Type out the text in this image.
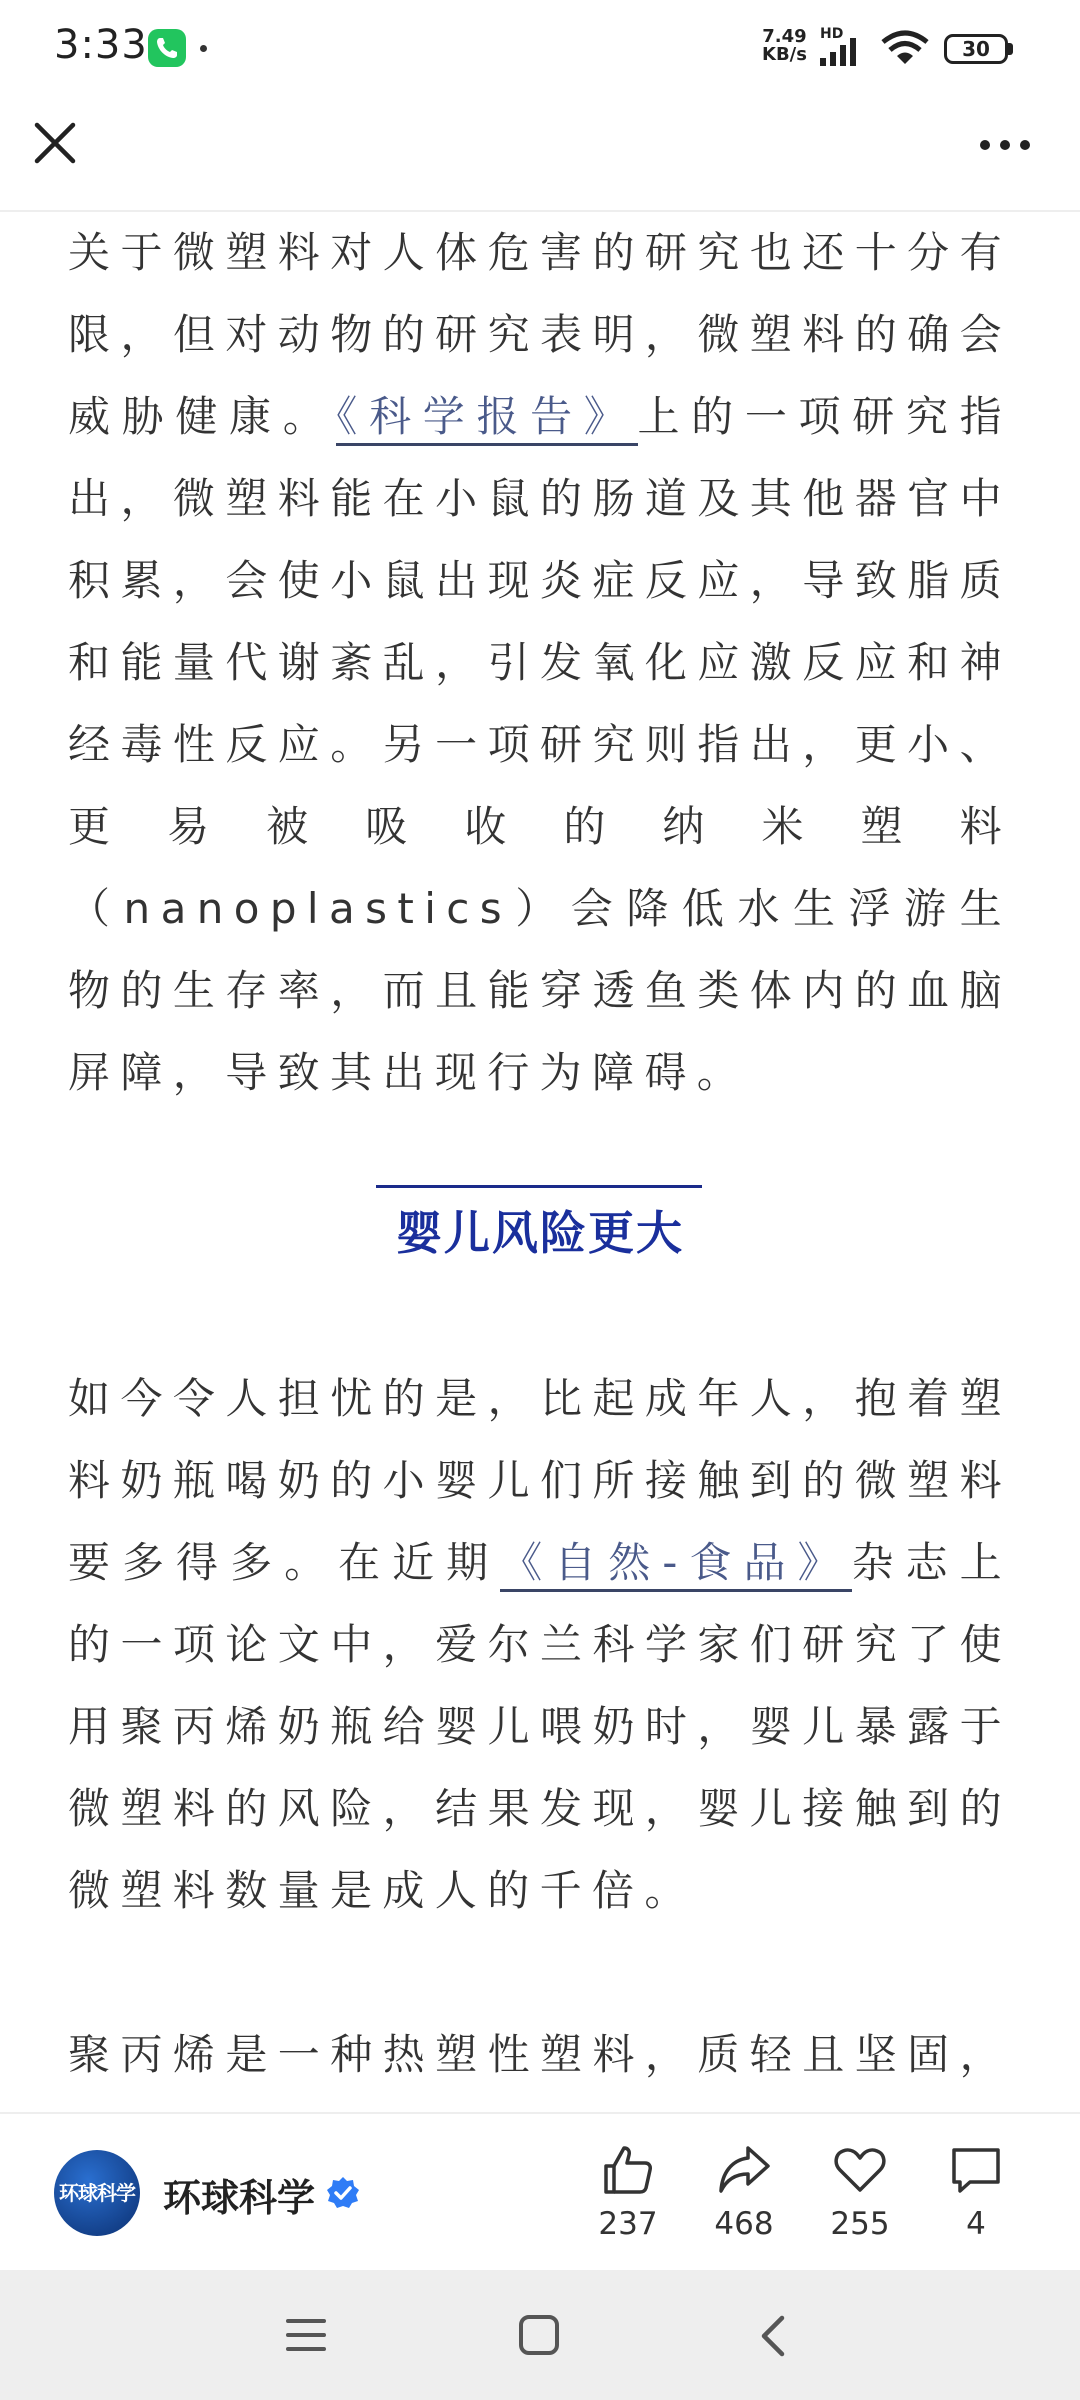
3:33	7.49
KB/s
HD
30

关于微塑料对人体危害的研究也还十分有限，但对动物的研究表明，微塑料的确会威胁健康。《科学报告》上的一项研究指出，微塑料能在小鼠的肠道及其他器官中积累，会使小鼠出现炎症反应，导致脂质和能量代谢紊乱，引发氧化应激反应和神经毒性反应。另一项研究则指出，更小、更易被吸收的纳米塑料（nanoplastics）会降低水生浮游生物的生存率，而且能穿透鱼类体内的血脑屏障，导致其出现行为障碍。

婴儿风险更大

如今令人担忧的是，比起成年人，抱着塑料奶瓶喝奶的小婴儿们所接触到的微塑料要多得多。在近期《自然-食品》杂志上的一项论文中，爱尔兰科学家们研究了使用聚丙烯奶瓶给婴儿喂奶时，婴儿暴露于微塑料的风险，结果发现，婴儿接触到的微塑料数量是成人的千倍。

聚丙烯是一种热塑性塑料，质轻且坚固，

环球科学 环球科学
237	468	255	4
